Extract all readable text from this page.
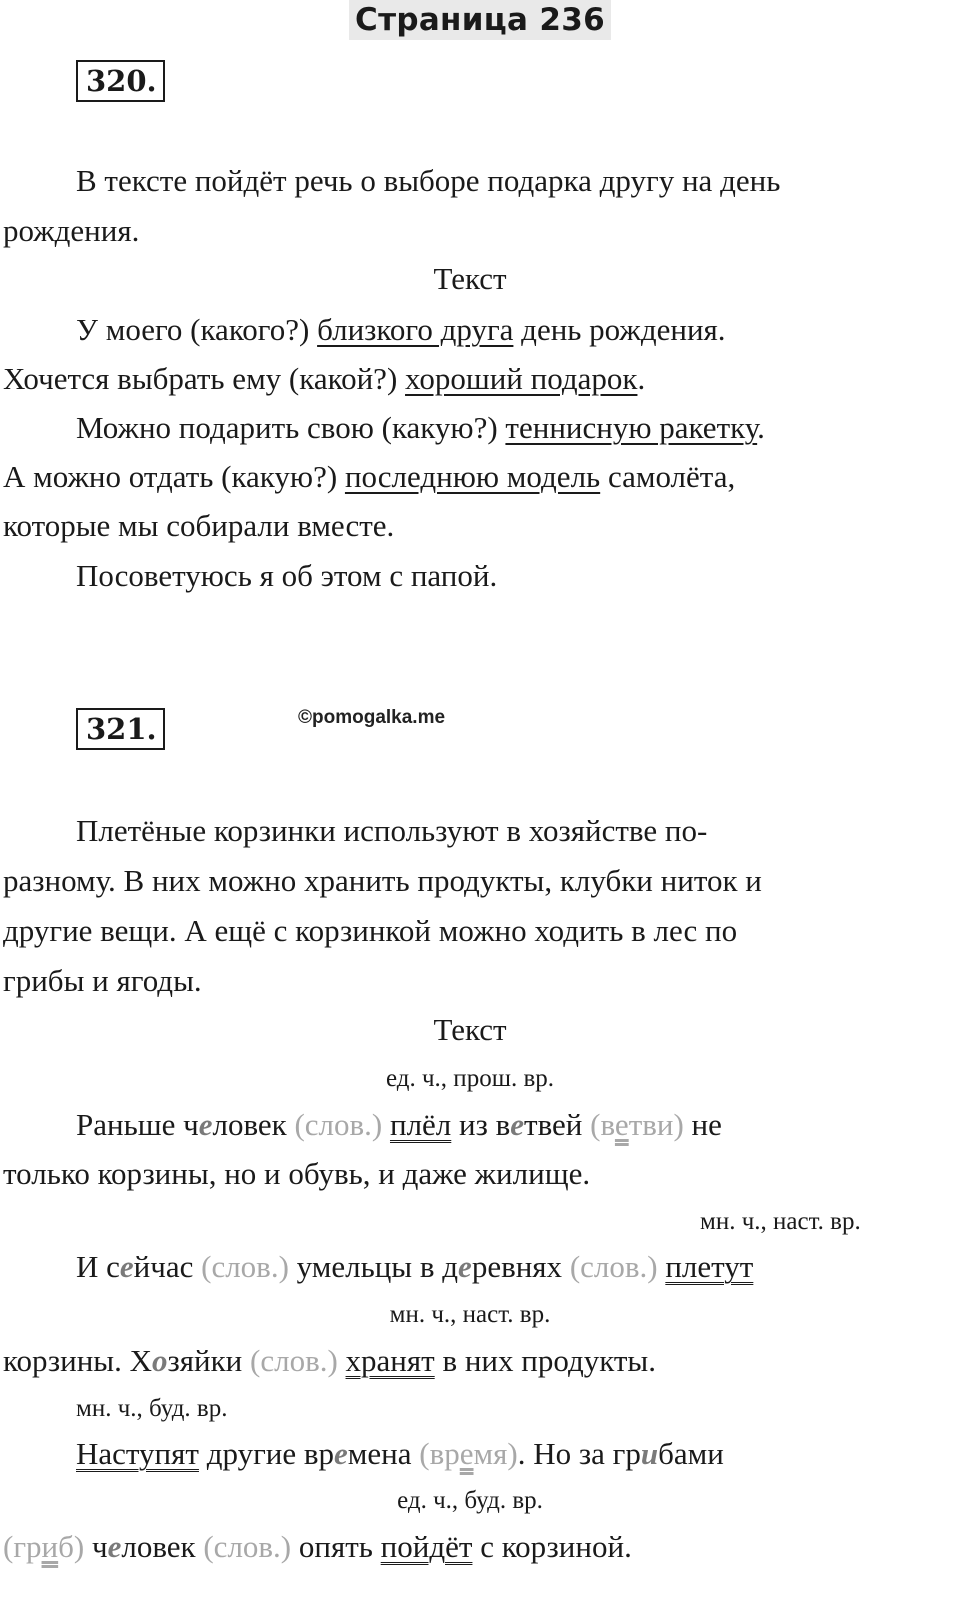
Страница 236
320.
В тексте пойдёт речь о выборе подарка другу на день
рождения.
Текст
У моего (какого?) близкого друга день рождения.
Хочется выбрать ему (какой?) хороший подарок.
Можно подарить свою (какую?) теннисную ракетку.
А можно отдать (какую?) последнюю модель самолёта,
которые мы собирали вместе.
Посоветуюсь я об этом с папой.
321.	©pomogalka.me
Плетёные корзинки используют в хозяйстве по-
разному. В них можно хранить продукты, клубки ниток и
другие вещи. А ещё с корзинкой можно ходить в лес по
грибы и ягоды.
Текст
ед. ч., прош. вр.
Раньше человек (слов.) плёл из ветвей (ветви) не
только корзины, но и обувь, и даже жилище.
мн. ч., наст. вр.
И сейчас (слов.) умельцы в деревнях (слов.) плетут
мн. ч., наст. вр.
корзины. Хозяйки (слов.) хранят в них продукты.
мн. ч., буд. вр.
Наступят другие времена (время). Но за грибами
ед. ч., буд. вр.
(гриб) человек (слов.) опять пойдёт с корзиной.
